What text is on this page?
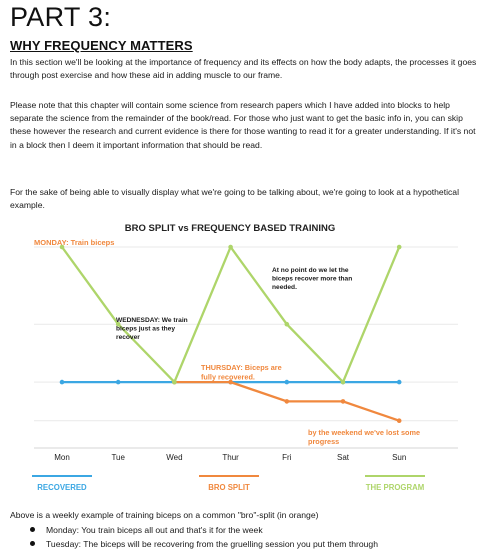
PART 3:
WHY FREQUENCY MATTERS

In this section we'll be looking at the importance of frequency and its effects on how the body adapts, the processes it goes through post exercise and how these aid in adding muscle to our frame.

Please note that this chapter will contain some science from research papers which I have added into blocks to help separate the science from the remainder of the book/read. For those who just want to get the basic info in, you can skip these however the research and current evidence is there for those wanting to read it for a greater understanding. If it's not in a block then I deem it important information that should be read.

For the sake of being able to visually display what we're going to be talking about, we're going to look at a hypothetical example.

BRO SPLIT vs FREQUENCY BASED TRAINING
MONDAY: Train biceps
WEDNESDAY: We train biceps just as they recover
At no point do we let the biceps recover more than needed.
THURSDAY: Biceps are fully recovered.
by the weekend we've lost some progress
Mon	Tue	Wed	Thur	Fri	Sat	Sun
RECOVERED	BRO SPLIT	THE PROGRAM
Above is a weekly example of training biceps on a common "bro"-split (in orange)
Monday: You train biceps all out and that's it for the week
Tuesday: The biceps will be recovering from the gruelling session you put them through
